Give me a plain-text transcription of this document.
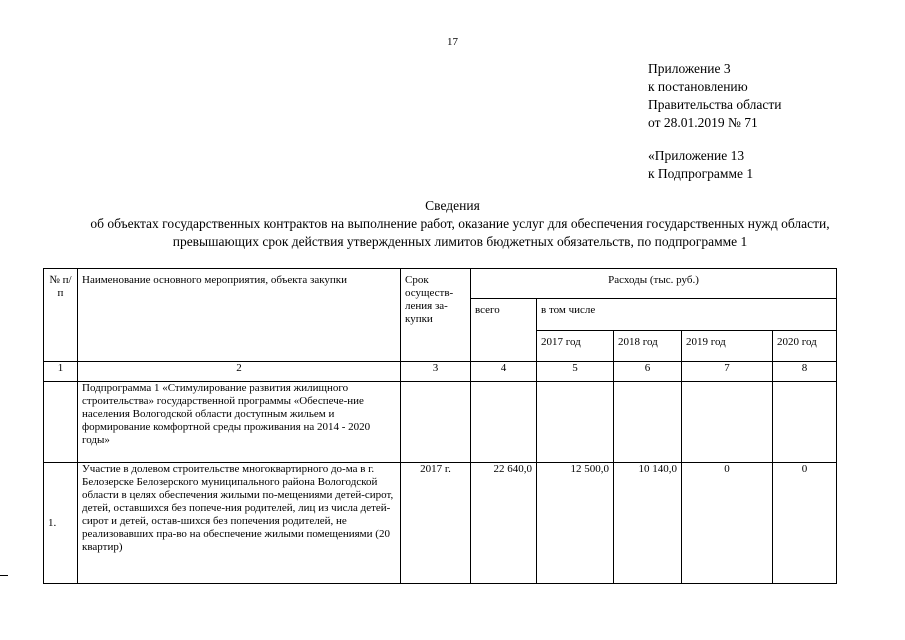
17
Приложение 3
к постановлению
Правительства области
от 28.01.2019 № 71
«Приложение 13
к Подпрограмме 1
Сведения
об объектах государственных контрактов на выполнение работ, оказание услуг для обеспечения государственных нужд области, превышающих срок действия утвержденных лимитов бюджетных обязательств, по подпрограмме 1
№ п/п	Наименование основного мероприятия, объекта закупки	Срок осуществ-ления за-купки	Расходы (тыс. руб.)				
			всего	в том числе			
				2017 год	2018 год	2019 год	2020 год
1	2	3	4	5	6	7	8
	Подпрограмма 1 «Стимулирование развития жилищного строительства» государственной программы «Обеспече-ние населения Вологодской области доступным жильем и формирование комфортной среды проживания на 2014 - 2020 годы»						
1.	Участие в долевом строительстве многоквартирного до-ма в г. Белозерске Белозерского муниципального района Вологодской области в целях обеспечения жилыми по-мещениями детей-сирот, детей, оставшихся без попече-ния родителей, лиц из числа детей-сирот и детей, остав-шихся без попечения родителей, не реализовавших пра-во на обеспечение жилыми помещениями (20 квартир)	2017 г.	22 640,0	12 500,0	10 140,0	0	0
